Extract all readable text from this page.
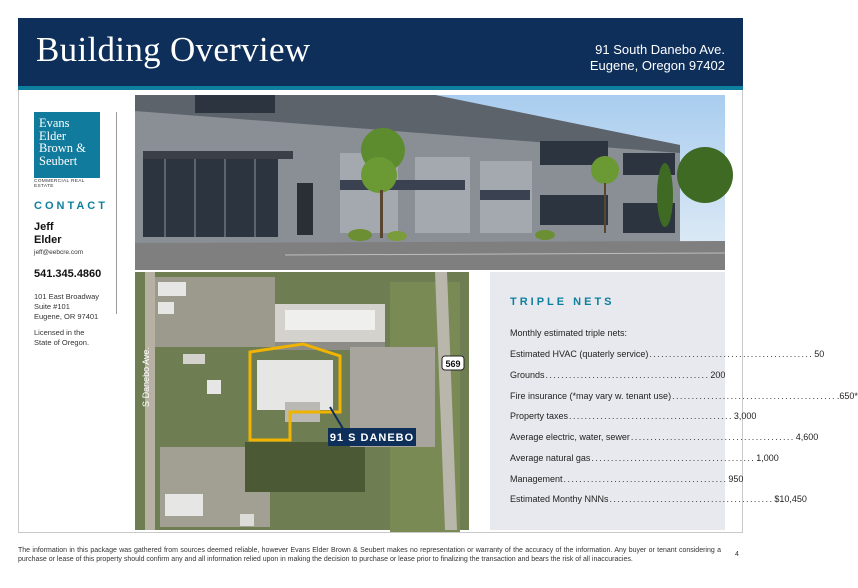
Building Overview	91 South Danebo Ave.
Eugene, Oregon 97402
Evans
Elder
Brown &
Seubert
COMMERCIAL REAL ESTATE
CONTACT
Jeff
Elder
jeff@eebcre.com
541.345.4860
101 East Broadway
Suite #101
Eugene, OR 97401
Licensed in the
State of Oregon.
91 S DANEBO
569
S Danebo Ave.
TRIPLE NETS
Monthly estimated triple nets:
Estimated HVAC (quaterly service) .......................................... 50
Grounds .......................................... 200
Fire insurance (*may vary w. tenant use) .......................................... .650*
Property taxes .......................................... 3,000
Average electric, water, sewer .......................................... 4,600
Average natural gas .......................................... 1,000
Management .......................................... 950
Estimated Monthy NNNs .......................................... $10,450
The information in this package was gathered from sources deemed reliable, however Evans Elder Brown & Seubert makes no representation or warranty of the accuracy of the information. Any buyer or tenant considering a purchase or lease of this property should confirm any and all information relied upon in making the decision to purchase or lease prior to finalizing the transaction and bears the risk of all inaccuracies.
4
